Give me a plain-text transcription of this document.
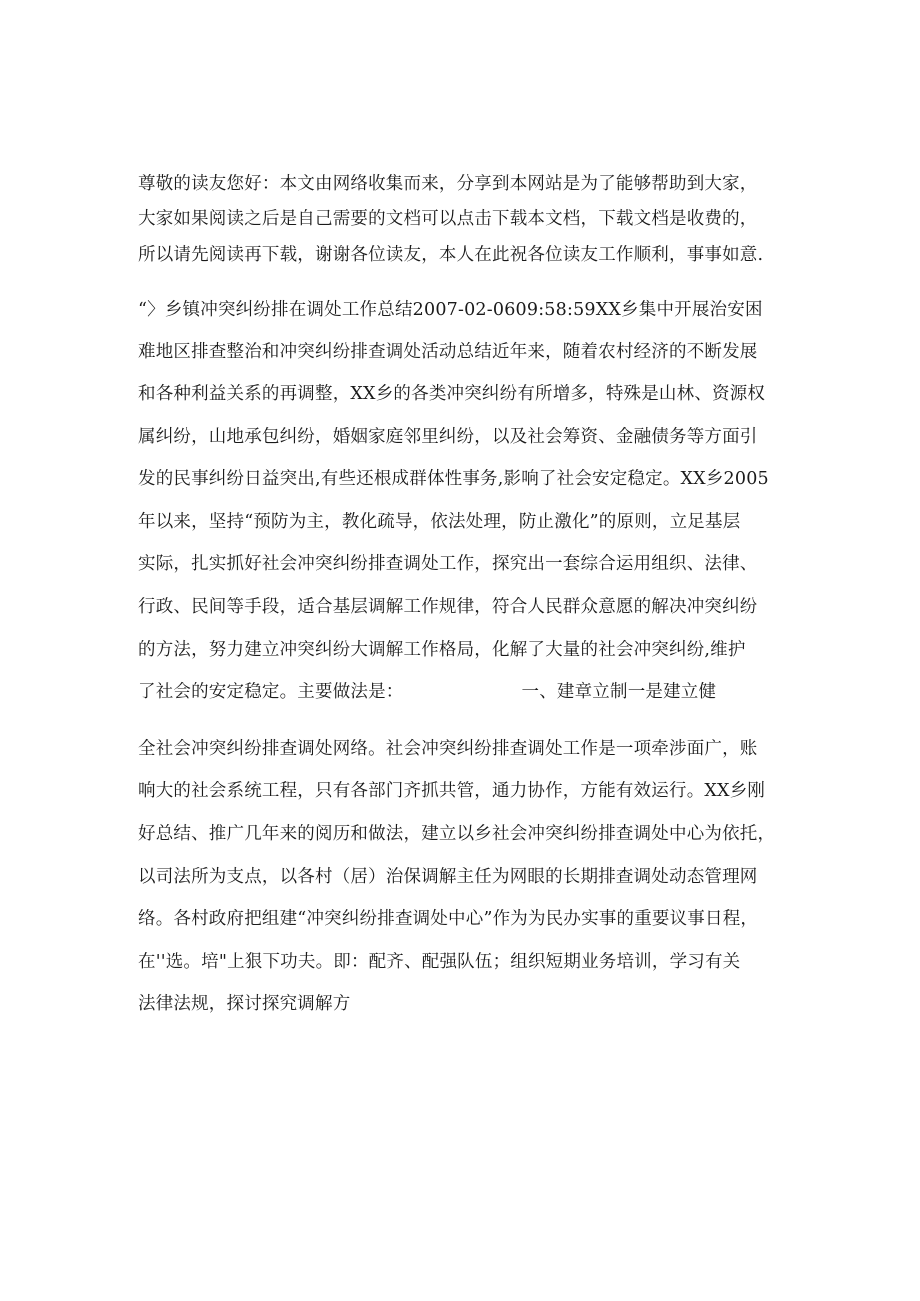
尊敬的读友您好：本文由网络收集而来，分享到本网站是为了能够帮助到大家，
大家如果阅读之后是自己需要的文档可以点击下载本文档，下载文档是收费的，
所以请先阅读再下载，谢谢各位读友，本人在此祝各位读友工作顺利，事事如意.
“〉乡镇冲突纠纷排在调处工作总结2007-02-0609:58:59XX乡集中开展治安困
难地区排查整治和冲突纠纷排查调处活动总结近年来，随着农村经济的不断发展
和各种利益关系的再调整，XX乡的各类冲突纠纷有所增多，特殊是山林、资源权
属纠纷，山地承包纠纷，婚姻家庭邻里纠纷，以及社会筹资、金融债务等方面引
发的民事纠纷日益突出,有些还根成群体性事务,影响了社会安定稳定。XX乡2005
年以来，坚持“预防为主，教化疏导，依法处理，防止激化”的原则，立足基层
实际，扎实抓好社会冲突纠纷排查调处工作，探究出一套综合运用组织、法律、
行政、民间等手段，适合基层调解工作规律，符合人民群众意愿的解决冲突纠纷
的方法，努力建立冲突纠纷大调解工作格局，化解了大量的社会冲突纠纷,维护
了社会的安定稳定。主要做法是：	一、建章立制一是建立健
全社会冲突纠纷排查调处网络。社会冲突纠纷排查调处工作是一项牵涉面广，账
响大的社会系统工程，只有各部门齐抓共管，通力协作，方能有效运行。XX乡刚
好总结、推广几年来的阅历和做法，建立以乡社会冲突纠纷排查调处中心为依托，
以司法所为支点，以各村（居）治保调解主任为网眼的长期排查调处动态管理网
络。各村政府把组建“冲突纠纷排查调处中心”作为为民办实事的重要议事日程，
在''选。培"上狠下功夫。即：配齐、配强队伍；组织短期业务培训，学习有关
法律法规，探讨探究调解方
